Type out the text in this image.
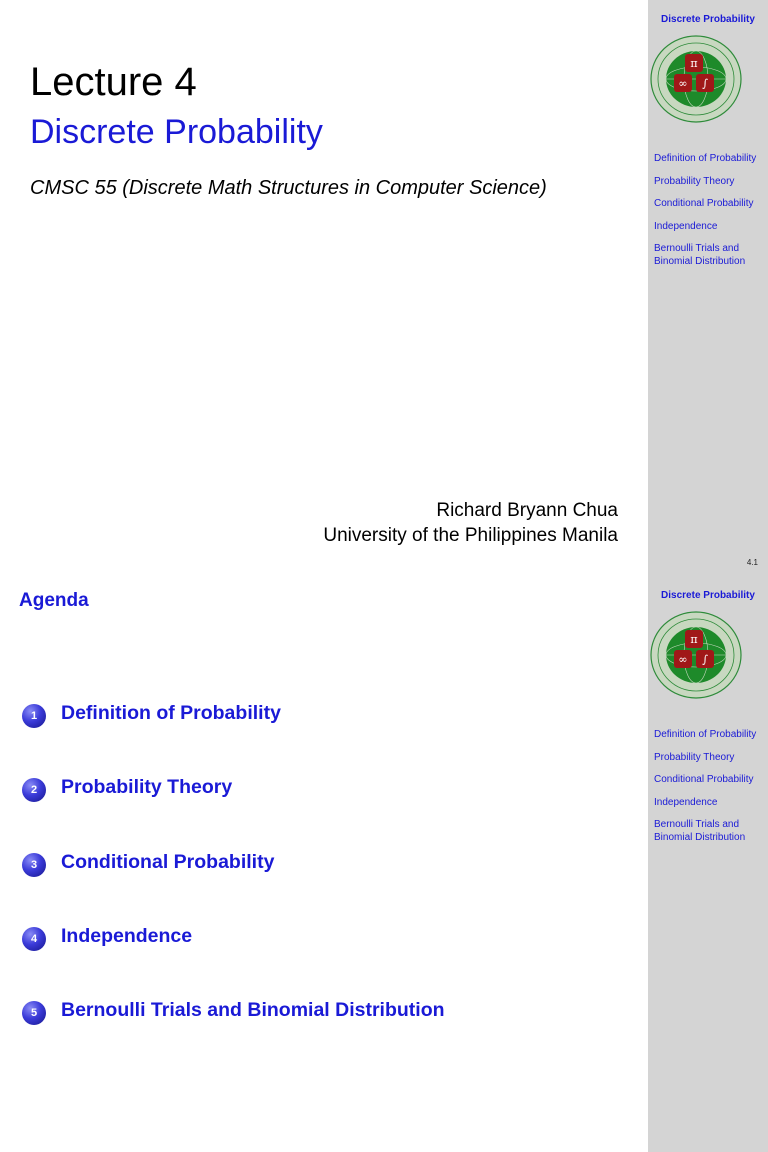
Discrete Probability
π
∞ ∫
Definition of Probability
Probability Theory
Conditional Probability
Independence
Bernoulli Trials and Binomial Distribution
Lecture 4
Discrete Probability
CMSC 55 (Discrete Math Structures in Computer Science)
Richard Bryann Chua
University of the Philippines Manila
4.1
Discrete Probability
π
∞ ∫
Definition of Probability
Probability Theory
Conditional Probability
Independence
Bernoulli Trials and Binomial Distribution
Agenda
1	Definition of Probability
2	Probability Theory
3	Conditional Probability
4	Independence
5	Bernoulli Trials and Binomial Distribution
